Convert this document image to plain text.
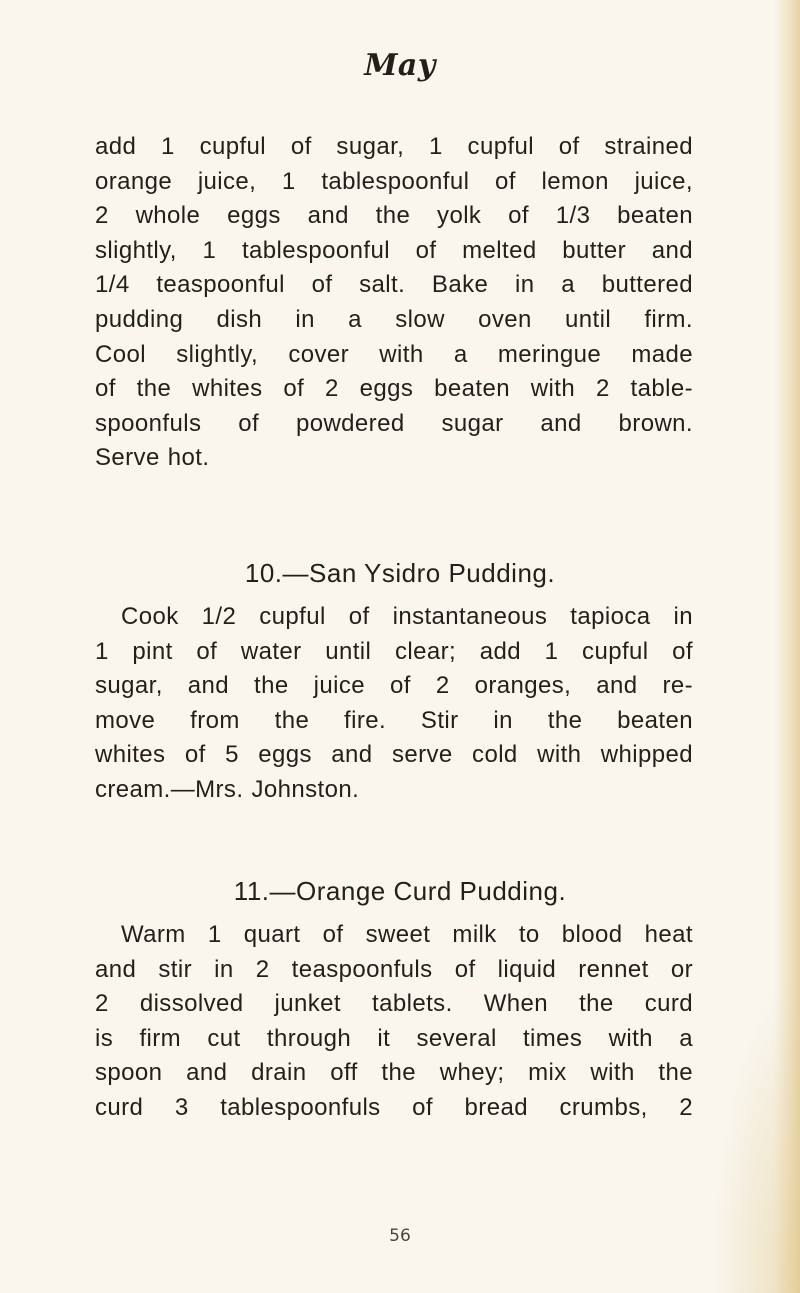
May
add 1 cupful of sugar, 1 cupful of strained
orange juice, 1 tablespoonful of lemon juice,
2 whole eggs and the yolk of 1/3 beaten
slightly, 1 tablespoonful of melted butter and
1/4 teaspoonful of salt. Bake in a buttered
pudding dish in a slow oven until firm.
Cool slightly, cover with a meringue made
of the whites of 2 eggs beaten with 2 table-
spoonfuls of powdered sugar and brown.
Serve hot.
10.—San Ysidro Pudding.
Cook 1/2 cupful of instantaneous tapioca in
1 pint of water until clear; add 1 cupful of
sugar, and the juice of 2 oranges, and re-
move from the fire. Stir in the beaten
whites of 5 eggs and serve cold with whipped
cream.—Mrs. Johnston.
11.—Orange Curd Pudding.
Warm 1 quart of sweet milk to blood heat
and stir in 2 teaspoonfuls of liquid rennet or
2 dissolved junket tablets. When the curd
is firm cut through it several times with a
spoon and drain off the whey; mix with the
curd 3 tablespoonfuls of bread crumbs, 2
56
